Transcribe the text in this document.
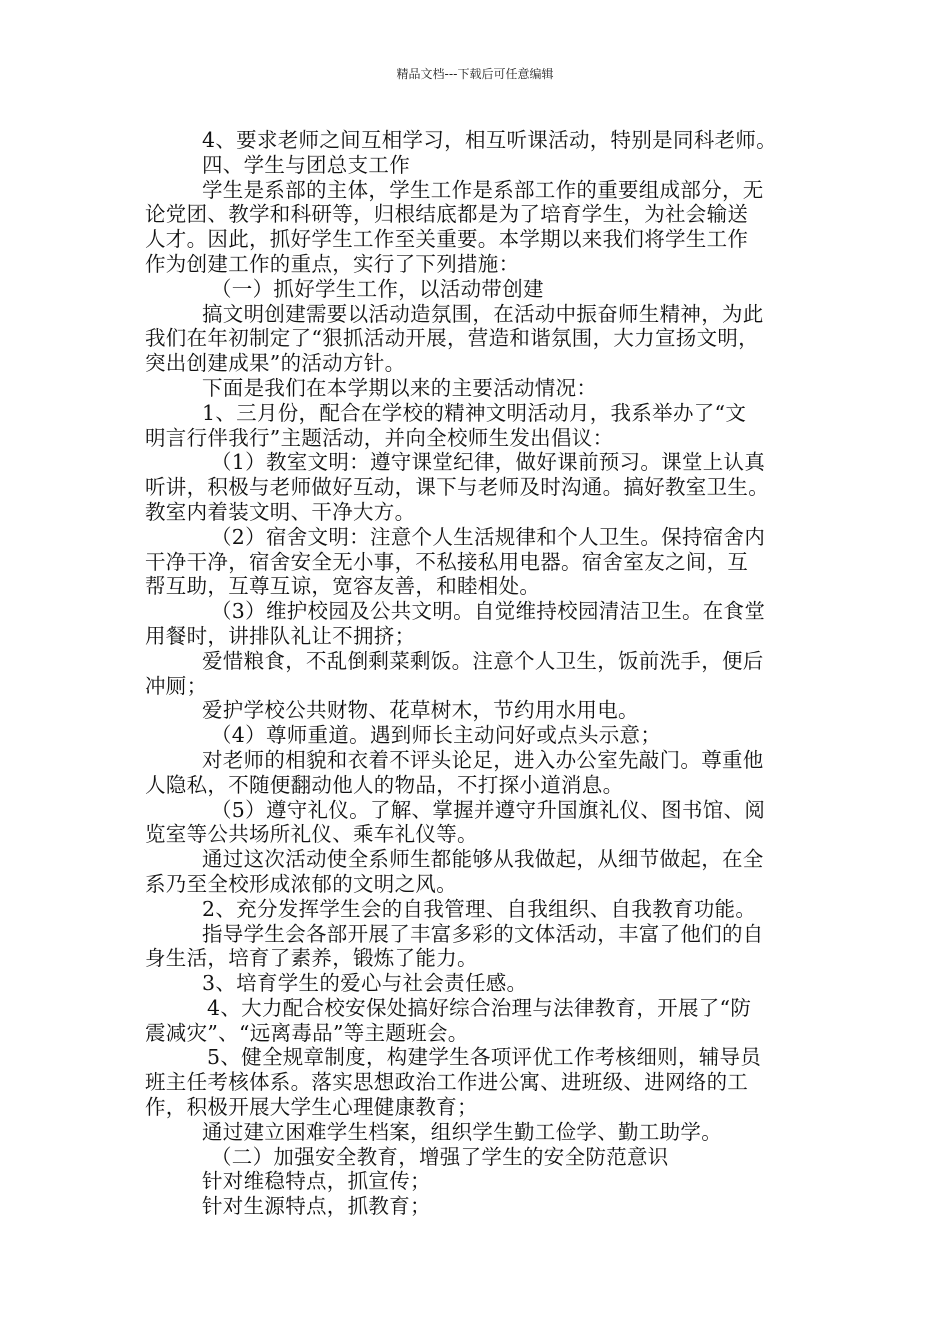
精品文档---下载后可任意编辑
4、要求老师之间互相学习，相互听课活动，特别是同科老师。
四、学生与团总支工作
学生是系部的主体，学生工作是系部工作的重要组成部分，无
论党团、教学和科研等，归根结底都是为了培育学生，为社会输送
人才。因此，抓好学生工作至关重要。本学期以来我们将学生工作
作为创建工作的重点，实行了下列措施：
（一）抓好学生工作，以活动带创建
搞文明创建需要以活动造氛围，在活动中振奋师生精神，为此
我们在年初制定了“狠抓活动开展，营造和谐氛围，大力宣扬文明，
突出创建成果”的活动方针。
下面是我们在本学期以来的主要活动情况：
1、三月份，配合在学校的精神文明活动月，我系举办了“文
明言行伴我行”主题活动，并向全校师生发出倡议：
（1）教室文明：遵守课堂纪律，做好课前预习。课堂上认真
听讲，积极与老师做好互动，课下与老师及时沟通。搞好教室卫生。
教室内着装文明、干净大方。
（2）宿舍文明：注意个人生活规律和个人卫生。保持宿舍内
干净干净，宿舍安全无小事，不私接私用电器。宿舍室友之间，互
帮互助，互尊互谅，宽容友善，和睦相处。
（3）维护校园及公共文明。自觉维持校园清洁卫生。在食堂
用餐时，讲排队礼让不拥挤；
爱惜粮食，不乱倒剩菜剩饭。注意个人卫生，饭前洗手，便后
冲厕；
爱护学校公共财物、花草树木，节约用水用电。
（4）尊师重道。遇到师长主动问好或点头示意；
对老师的相貌和衣着不评头论足，进入办公室先敲门。尊重他
人隐私，不随便翻动他人的物品，不打探小道消息。
（5）遵守礼仪。了解、掌握并遵守升国旗礼仪、图书馆、阅
览室等公共场所礼仪、乘车礼仪等。
通过这次活动使全系师生都能够从我做起，从细节做起，在全
系乃至全校形成浓郁的文明之风。
2、充分发挥学生会的自我管理、自我组织、自我教育功能。
指导学生会各部开展了丰富多彩的文体活动，丰富了他们的自
身生活，培育了素养，锻炼了能力。
3、培育学生的爱心与社会责任感。
4、大力配合校安保处搞好综合治理与法律教育，开展了“防
震减灾”、“远离毒品”等主题班会。
5、健全规章制度，构建学生各项评优工作考核细则，辅导员
班主任考核体系。落实思想政治工作进公寓、进班级、进网络的工
作，积极开展大学生心理健康教育；
通过建立困难学生档案，组织学生勤工俭学、勤工助学。
（二）加强安全教育，增强了学生的安全防范意识
针对维稳特点，抓宣传；
针对生源特点，抓教育；
